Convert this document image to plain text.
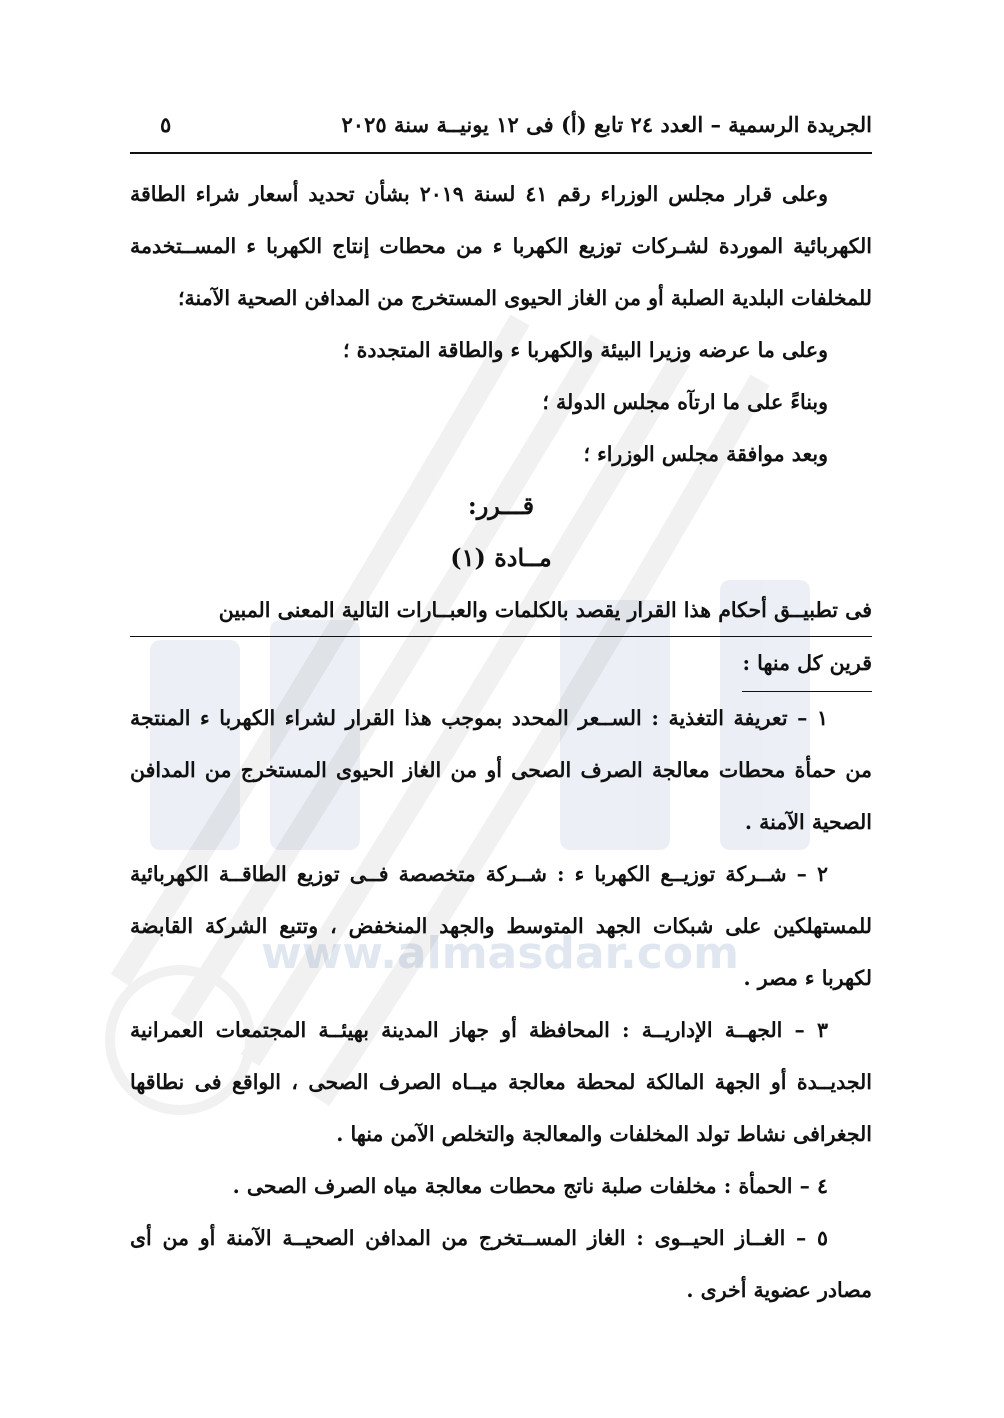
www.almasdar.com
الجريدة الرسمية – العدد ٢٤ تابع (أ) فى ١٢ يونيــة سنة ٢٠٢٥
٥

وعلى قرار مجلس الوزراء رقم ٤١ لسنة ٢٠١٩ بشأن تحديد أسعار شراء الطاقة الكهربائية الموردة لشـركات توزيع الكهربا ء من محطات إنتاج الكهربا ء المســتخدمة للمخلفات البلدية الصلبة أو من الغاز الحيوى المستخرج من المدافن الصحية الآمنة؛

وعلى ما عرضه وزيرا البيئة والكهربا ء والطاقة المتجددة ؛

وبناءً على ما ارتآه مجلس الدولة ؛

وبعد موافقة مجلس الوزراء ؛

قـــرر:

مــادة (١)

فى تطبيــق أحكام هذا القرار يقصد بالكلمات والعبــارات التالية المعنى المبين
قرين كل منها :

١ – تعريفة التغذية : الســعر المحدد بموجب هذا القرار لشراء الكهربا ء المنتجة من حمأة محطات معالجة الصرف الصحى أو من الغاز الحيوى المستخرج من المدافن الصحية الآمنة .

٢ – شــركة توزيــع الكهربا ء : شــركة متخصصة فــى توزيع الطاقــة الكهربائية للمستهلكين على شبكات الجهد المتوسط والجهد المنخفض ، وتتبع الشركة القابضة لكهربا ء مصر .

٣ – الجهــة الإداريــة : المحافظة أو جهاز المدينة بهيئــة المجتمعات العمرانية الجديــدة أو الجهة المالكة لمحطة معالجة ميــاه الصرف الصحى ، الواقع فى نطاقها الجغرافى نشاط تولد المخلفات والمعالجة والتخلص الآمن منها .

٤ – الحمأة : مخلفات صلبة ناتج محطات معالجة مياه الصرف الصحى .

٥ – الغــاز الحيــوى : الغاز المســتخرج من المدافن الصحيــة الآمنة أو من أى مصادر عضوية أخرى .
